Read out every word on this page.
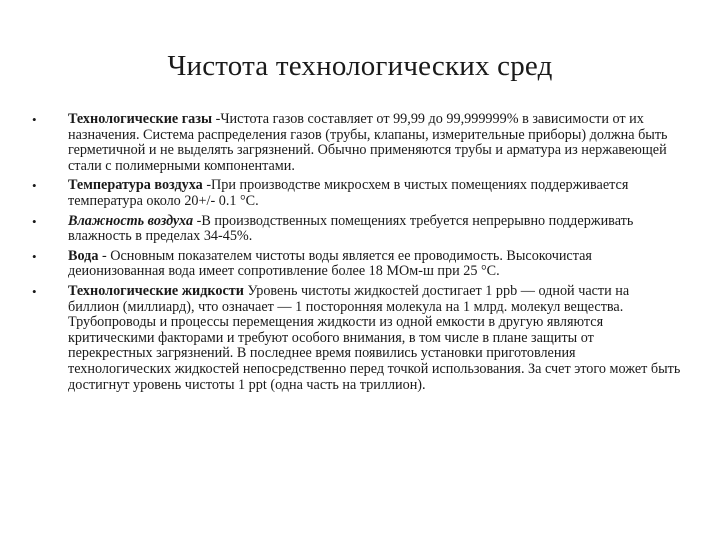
Чистота технологических сред
•	Технологические газы -Чистота газов составляет от 99,99 до 99,999999% в зависимости от их назначения. Система распределения газов (трубы, клапаны, измерительные приборы) должна быть герметичной и не выделять загрязнений. Обычно применяются трубы и арматура из нержавеющей стали с полимерными компонентами.
•	Температура воздуха -При производстве микросхем в чистых помещениях поддерживается температура около 20+/- 0.1 °С.
•	Влажность воздуха -В производственных помещениях требуется непрерывно поддерживать влажность в пределах 34-45%.
•	Вода - Основным показателем чистоты воды является ее проводимость. Высокочистая деионизованная вода имеет сопротивление более 18 МОм-ш при 25 °С.
•	Технологические жидкости Уровень чистоты жидкостей достигает 1 ppb — одной части на биллион (миллиард), что означает — 1 посторонняя молекула на 1 млрд. молекул вещества. Трубопроводы и процессы перемещения жидкости из одной емкости в другую являются критическими факторами и требуют особого внимания, в том числе в плане защиты от перекрестных загрязнений. В последнее время появились установки приготовления технологических жидкостей непосредственно перед точкой использования. За счет этого может быть достигнут уровень чистоты 1 ppt (одна часть на триллион).
